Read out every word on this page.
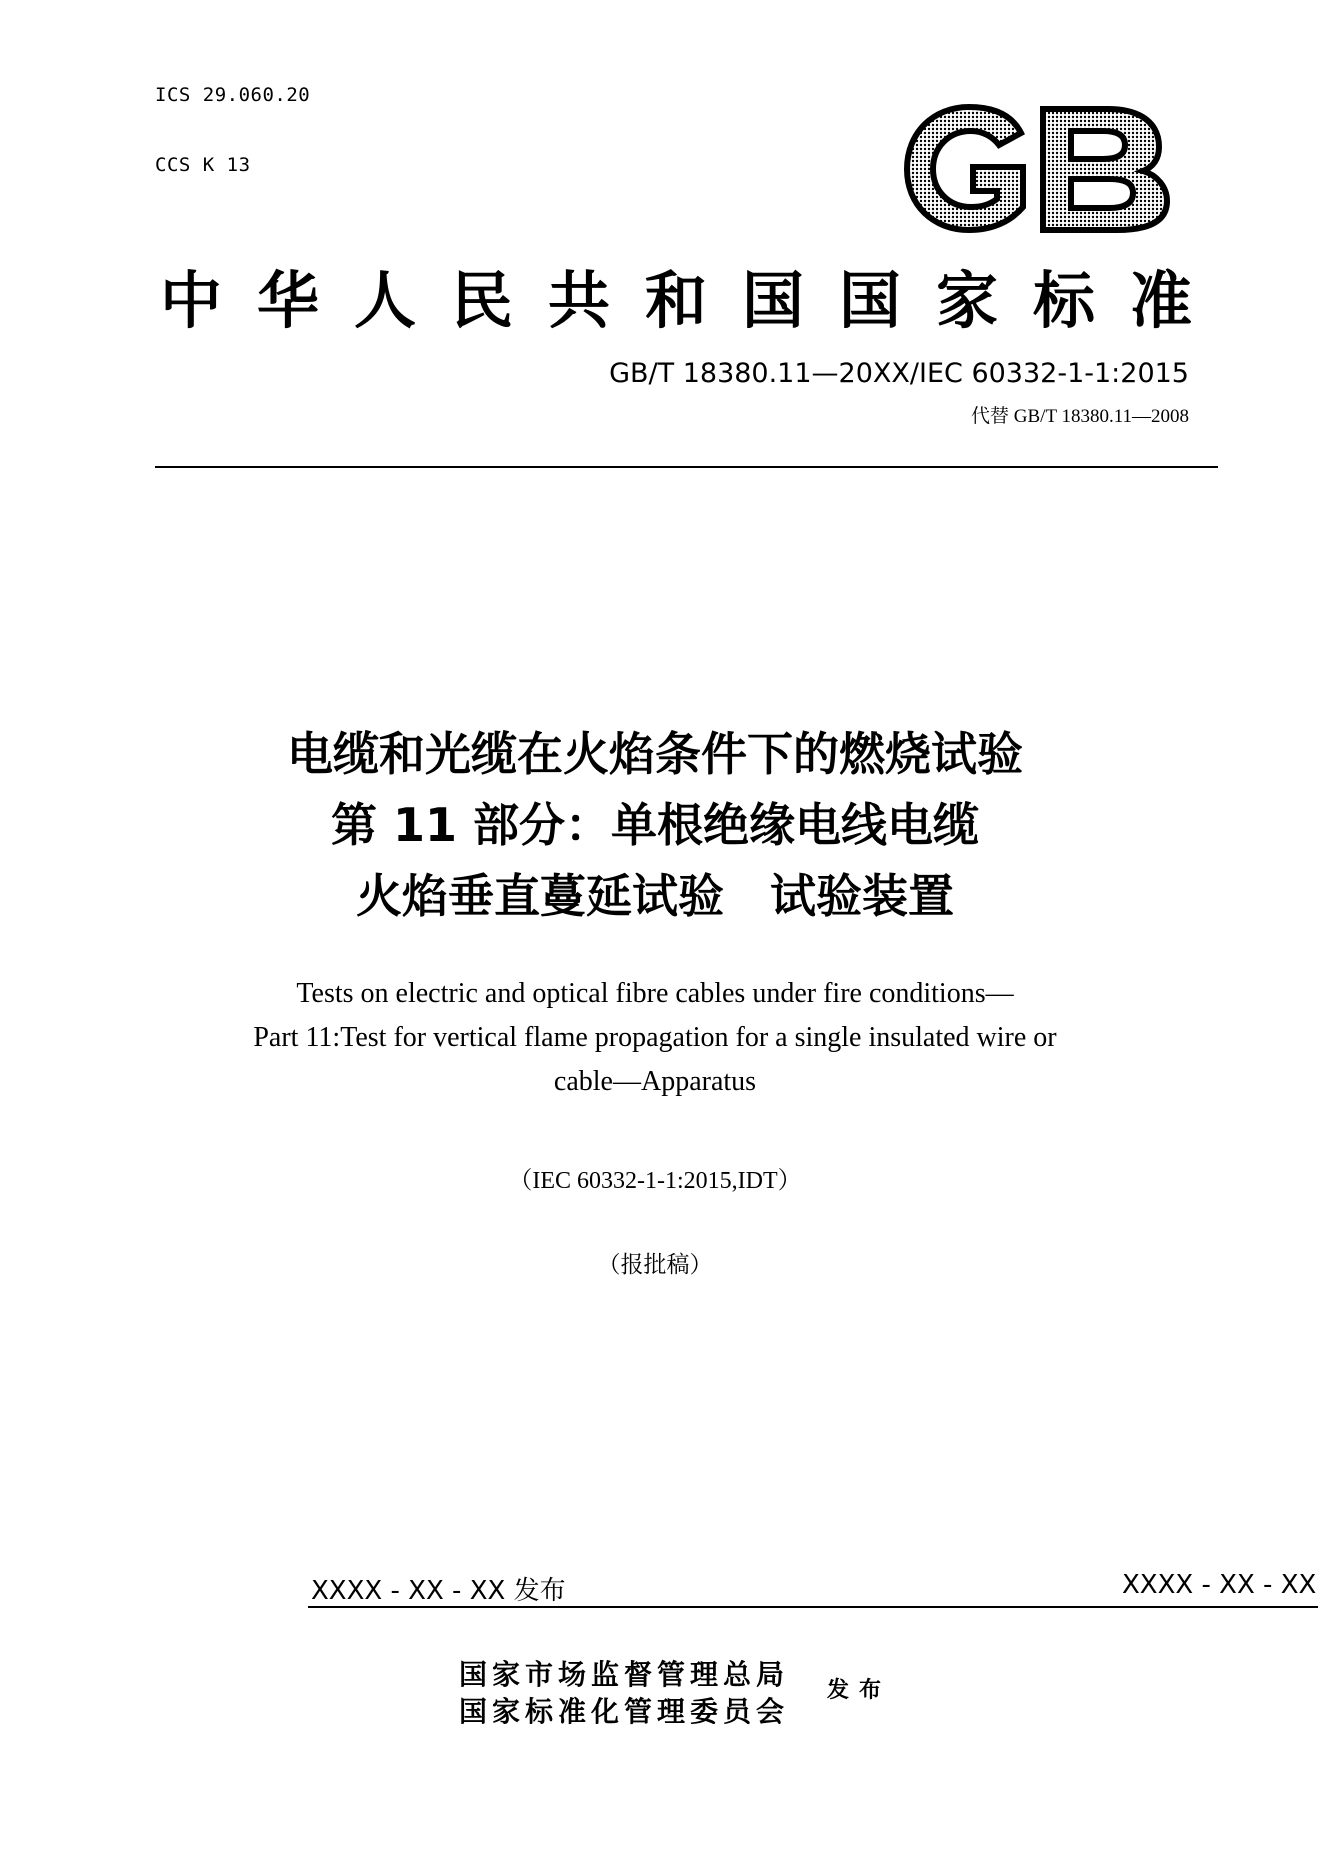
ICS 29.060.20
CCS K 13
中华人民共和国国家标准
GB/T 18380.11—20XX/IEC 60332-1-1:2015
代替 GB/T 18380.11—2008
电缆和光缆在火焰条件下的燃烧试验
第 11 部分：单根绝缘电线电缆
火焰垂直蔓延试验　试验装置
Tests on electric and optical fibre cables under fire conditions—
Part 11:Test for vertical flame propagation for a single insulated wire or
cable—Apparatus
（IEC 60332-1-1:2015,IDT）
（报批稿）
XXXX - XX - XX 发布	XXXX - XX - XX
国家市场监督管理总局
国家标准化管理委员会
发布
